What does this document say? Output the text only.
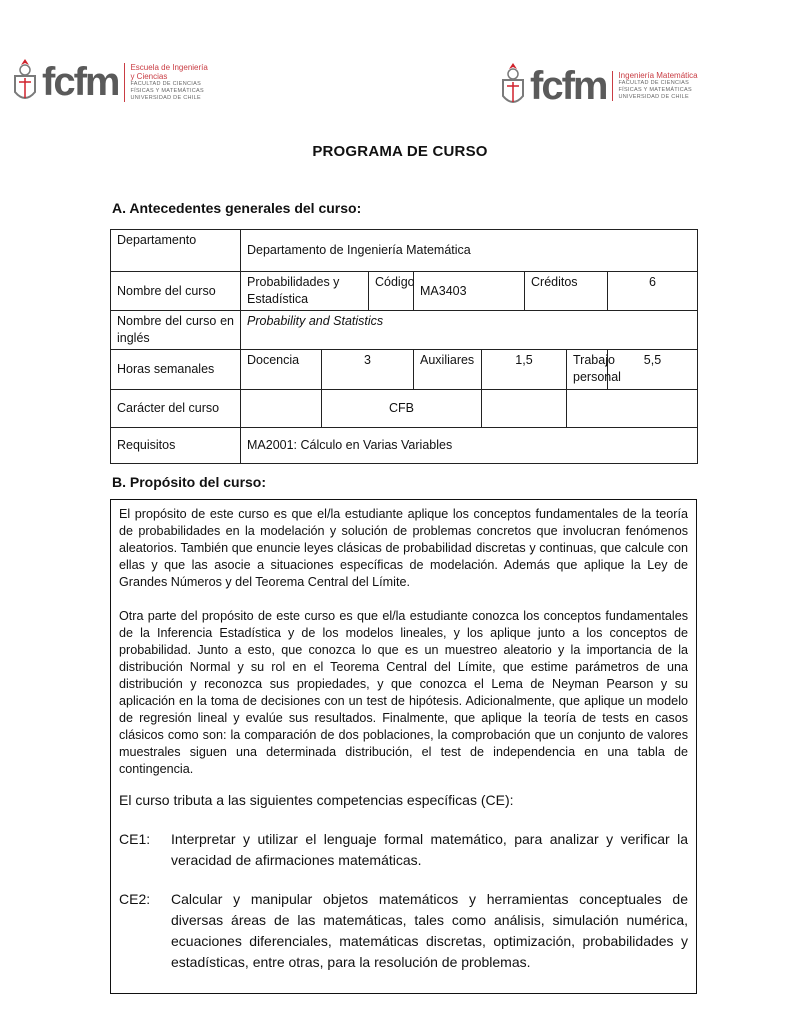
fcfm Escuela de Ingeniería
y Ciencias
FACULTAD DE CIENCIAS
FÍSICAS Y MATEMÁTICAS
UNIVERSIDAD DE CHILE	fcfm Ingeniería Matemática
FACULTAD DE CIENCIAS
FÍSICAS Y MATEMÁTICAS
UNIVERSIDAD DE CHILE
PROGRAMA DE CURSO
A. Antecedentes generales del curso:
Departamento	Departamento de Ingeniería Matemática							
Nombre del curso	Probabilidades y Estadística		Código	MA3403		Créditos		6
Nombre del curso en inglés	Probability and Statistics							
Horas semanales	Docencia	3		Auxiliares	1,5		Trabajo personal	5,5
Carácter del curso		CFB						
Requisitos	MA2001: Cálculo en Varias Variables							
B. Propósito del curso:

El propósito de este curso es que el/la estudiante aplique los conceptos fundamentales de la teoría de probabilidades en la modelación y solución de problemas concretos que involucran fenómenos aleatorios. También que enuncie leyes clásicas de probabilidad discretas y continuas, que calcule con ellas y que las asocie a situaciones específicas de modelación. Además que aplique la Ley de Grandes Números y del Teorema Central del Límite.

Otra parte del propósito de este curso es que el/la estudiante conozca los conceptos fundamentales de la Inferencia Estadística y de los modelos lineales, y los aplique junto a los conceptos de probabilidad. Junto a esto, que conozca lo que es un muestreo aleatorio y la importancia de la distribución Normal y su rol en el Teorema Central del Límite, que estime parámetros de una distribución y reconozca sus propiedades, y que conozca el Lema de Neyman Pearson y su aplicación en la toma de decisiones con un test de hipótesis. Adicionalmente, que aplique un modelo de regresión lineal y evalúe sus resultados. Finalmente, que aplique la teoría de tests en casos clásicos como son: la comparación de dos poblaciones, la comprobación que un conjunto de valores muestrales siguen una determinada distribución, el test de independencia en una tabla de contingencia.

El curso tributa a las siguientes competencias específicas (CE):

CE1:	Interpretar y utilizar el lenguaje formal matemático, para analizar y verificar la veracidad de afirmaciones matemáticas.
CE2:	Calcular y manipular objetos matemáticos y herramientas conceptuales de diversas áreas de las matemáticas, tales como análisis, simulación numérica, ecuaciones diferenciales, matemáticas discretas, optimización, probabilidades y estadísticas, entre otras, para la resolución de problemas.
